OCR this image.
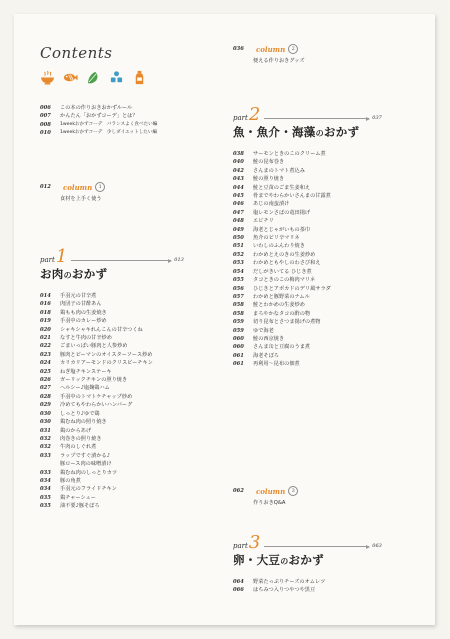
Contents
006	この本の作りおきおかずルール
007	かんたん「おかずコーデ」とは？
008	1weekおかずコーデ　バランスよく食べたい編
010	1weekおかずコーデ　少しダイエットしたい編
012	column	1
食材を上手く使う
part 1	013
お肉のおかず
014	手羽元の甘辛煮
016	肉団子の甘酢あん
018	鶏もも肉の生姜焼き
019	手羽中のカレー炒め
020	シャキシャキれんこんの甘辛つくね
021	なすと牛肉の甘辛炒め
022	ごまいっぱい豚肉と人参炒め
023	豚肉とピーマンのオイスターソース炒め
024	カリカリアーモンドのクリスピーチキン
025	ねぎ塩チキンステーキ
026	ガーリックチキンの照り焼き
027	ヘルシー♪塩麹鶏ハム
028	手羽中のトマトケチャップ炒め
029	冷めてもやわらかいハンバーグ
030	しっとり♪ゆで鶏
030	鶏むね肉の照り焼き
031	鶏のからあげ
032	肉巻きの照り焼き
032	牛肉のしぐれ煮
033	ラップですぐ漬かる♪
豚ロース肉の味噌漬け
033	鶏むね肉のしっとりカツ
034	豚の角煮
034	手羽元のフライドチキン
035	鶏チャーシュー
035	油不要♪豚そぼろ
036	column	2
便える作りおきグッズ
part 2	037
魚・魚介・海藻のおかず
038	サーモンときのこのクリーム煮
040	鮭の昆布巻き
042	さんまのトマト煮込み
043	鮭の照り焼き
044	鮭と豆苗のごま生姜和え
045	骨までやわらかいさんまの甘露煮
046	あじの南蛮漬け
047	塩レモンさばの竜田揚げ
048	エビチリ
049	海老とじゃがいもの茶巾
050	魚介のピリ辛マリネ
051	いわしのふんわり焼き
052	わかめとえのきの生姜炒め
053	わかめともやしのわさび和え
054	だしがきいてる ひじき煮
055	タコときのこの梅肉マリネ
056	ひじきとアボカドのデリ風サラダ
057	わかめと豚野菜のナムル
058	鮭とわかめの生姜炒め
058	まろやかなタコの酢の物
059	切り昆布とさつま揚げの煮物
059	ゆで海老
060	鮭の西京焼き
060	さんま缶と豆腐のうま煮
061	海老そぼろ
061	再利用～昆布の佃煮
062	column	3
作りおきQ&A
part 3	063
卵・大豆のおかず
064	野菜たっぷりチーズのオムレツ
066	はちみつ入りつやつや黒豆
